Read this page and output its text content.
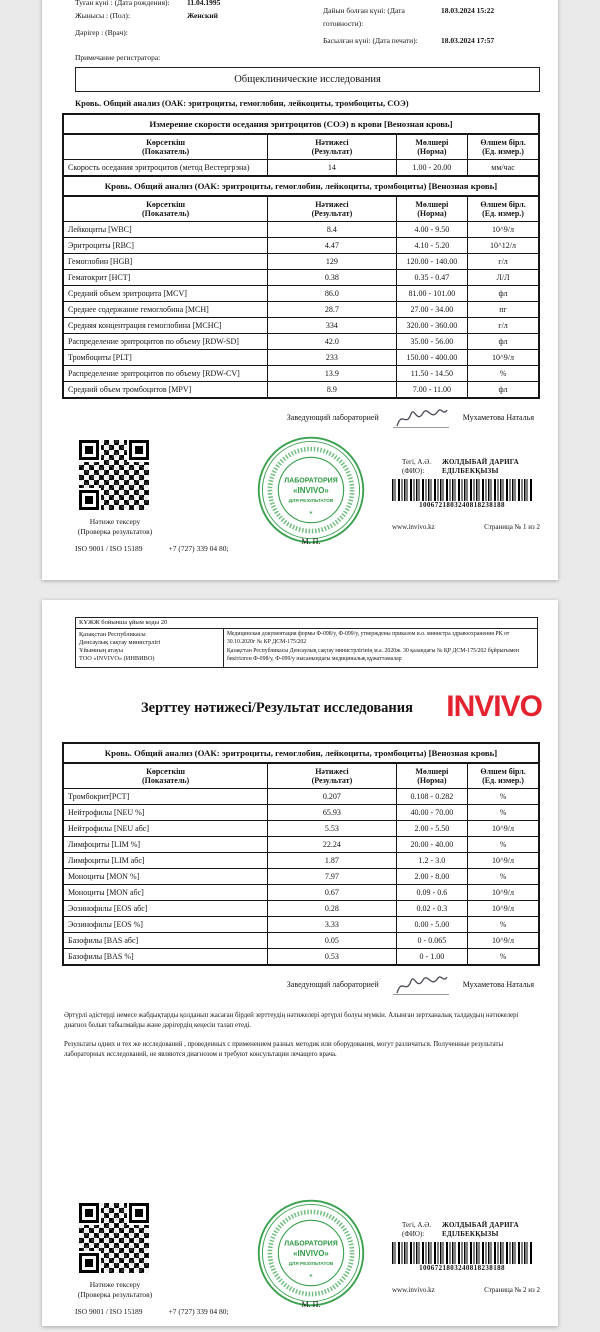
Туған күні : (Дата рождения):	11.04.1995
Жынысы : (Пол):	Женский
Дәрігер : (Врач):
Дайын болған күні: (Дата готовности):
18.03.2024 15:22
Басылған күні: (Дата печати):	18.03.2024 17:57
Примечание регистратора:
Общеклинические исследования
Кровь. Общий анализ (ОАК: эритроциты, гемоглобин, лейкоциты, тромбоциты, СОЭ)
Измерение скорости оседания эритроцитов (СОЭ) в крови [Венозная кровь]			

Көрсеткіш
(Показатель)

Нәтижесі
(Результат)

Мөлшері
(Норма)

Өлшем бірл.
(Ед. измер.)

Скорость оседания эритроцитов (метод Вестергрэна)	14	1.00 - 20.00	мм/час
Кровь. Общий анализ (ОАК: эритроциты, гемоглобин, лейкоциты, тромбоциты) [Венозная кровь]			

Көрсеткіш
(Показатель)

Нәтижесі
(Результат)

Мөлшері
(Норма)

Өлшем бірл.
(Ед. измер.)

Лейкоциты [WBC]	8.4	4.00 - 9.50	10^9/л
Эритроциты [RBC]	4.47	4.10 - 5.20	10^12/л
Гемоглобин [HGB]	129	120.00 - 140.00	г/л
Гематокрит [HCT]	0.38	0.35 - 0.47	Л/Л
Средний объем эритроцита [MCV]	86.0	81.00 - 101.00	фл
Среднее содержание гемоглобина [MCH]	28.7	27.00 - 34.00	пг
Средняя концентрация гемоглобина [MCHC]	334	320.00 - 360.00	г/л
Распределение эритроцитов по объему [RDW-SD]	42.0	35.00 - 56.00	фл
Тромбоциты [PLT]	233	150.00 - 400.00	10^9/л
Распределение эритроцитов по объему [RDW-CV]	13.9	11.50 - 14.50	%
Средний объем тромбоцитов [MPV]	8.9	7.00 - 11.00	фл
Заведующий лабораторией	Мухаметова Наталья
Нәтиже тексеру
(Проверка результатов)
ISO 9001 / ISO 15189	+7 (727) 339 04 80;
ЛАБОРАТОРИЯ
«INVIVO»
ДЛЯ РЕЗУЛЬТАТОВ
✶
М. П.
Тегі, А.Ә.
(ФИО):
ЖОЛДЫБАЙ ДАРИГА
ЕДІЛБЕКҚЫЗЫ
1006721803240818238188
www.invivo.kz	Страница № 1 из 2
КҰЖЖ бойынша ұйым коды 20

Қазақстан Республикасы
Денсаулық сақтау министрлігі
Ұйымның атауы
ТОО «INVIVO» (ИНВИВО)

Медицинская документация формы Ф-098/у, Ф-099/у, утверждены приказом и.о. министра здравоохранения РК от 30.10.2020г № КР ДСМ-175/202

Қазақстан Республикасы Денсаулық сақтау министрлігінің м.а. 2020ж. 30 қазандағы № ҚР ДСМ-175/202 бұйрығымен бекітілген Ф-098/у, Ф-099/у нысанындағы медициналық құжаттамалар

Зерттеу нәтижесі/Результат исследования	INVIVO
Кровь. Общий анализ (ОАК: эритроциты, гемоглобин, лейкоциты, тромбоциты) [Венозная кровь]			

Көрсеткіш
(Показатель)

Нәтижесі
(Результат)

Мөлшері
(Норма)

Өлшем бірл.
(Ед. измер.)

Тромбокрит[PCT]	0.207	0.108 - 0.282	%
Нейтрофилы [NEU %]	65.93	40.00 - 70.00	%
Нейтрофилы [NEU абс]	5.53	2.00 - 5.50	10^9/л
Лимфоциты [LIM %]	22.24	20.00 - 40.00	%
Лимфоциты [LIM абс]	1.87	1.2 - 3.0	10^9/л
Моноциты [MON %]	7.97	2.00 - 8.00	%
Моноциты [MON абс]	0.67	0.09 - 0.6	10^9/л
Эозинофилы [EOS абс]	0.28	0.02 - 0.3	10^9/л
Эозинофилы [EOS %]	3.33	0.00 - 5.00	%
Базофилы [BAS абс]	0.05	0 - 0.065	10^9/л
Базофилы [BAS %]	0.53	0 - 1.00	%
Заведующий лабораторией	Мухаметова Наталья

Әртүрлі әдістерді немесе жабдықтарды қолданып жасаған бірдей зерттеудің нәтижелері әртүрлі болуы мүмкін. Алынған зертханалық талдаудың нәтижелері диагноз болып табылмайды және дәрігердің кеңесін талап етеді.

Результаты одних и тех же исследований , проведенных с применением разных методик или оборудования, могут различаться. Полученные результаты лабораторных исследований, не являются диагнозом и требуют консультации лечащего врача.

Нәтиже тексеру
(Проверка результатов)
ISO 9001 / ISO 15189	+7 (727) 339 04 80;
ЛАБОРАТОРИЯ
«INVIVO»
ДЛЯ РЕЗУЛЬТАТОВ
✶
М. П.
Тегі, А.Ә.
(ФИО):
ЖОЛДЫБАЙ ДАРИГА
ЕДІЛБЕКҚЫЗЫ
1006721803240818238188
www.invivo.kz	Страница № 2 из 2
